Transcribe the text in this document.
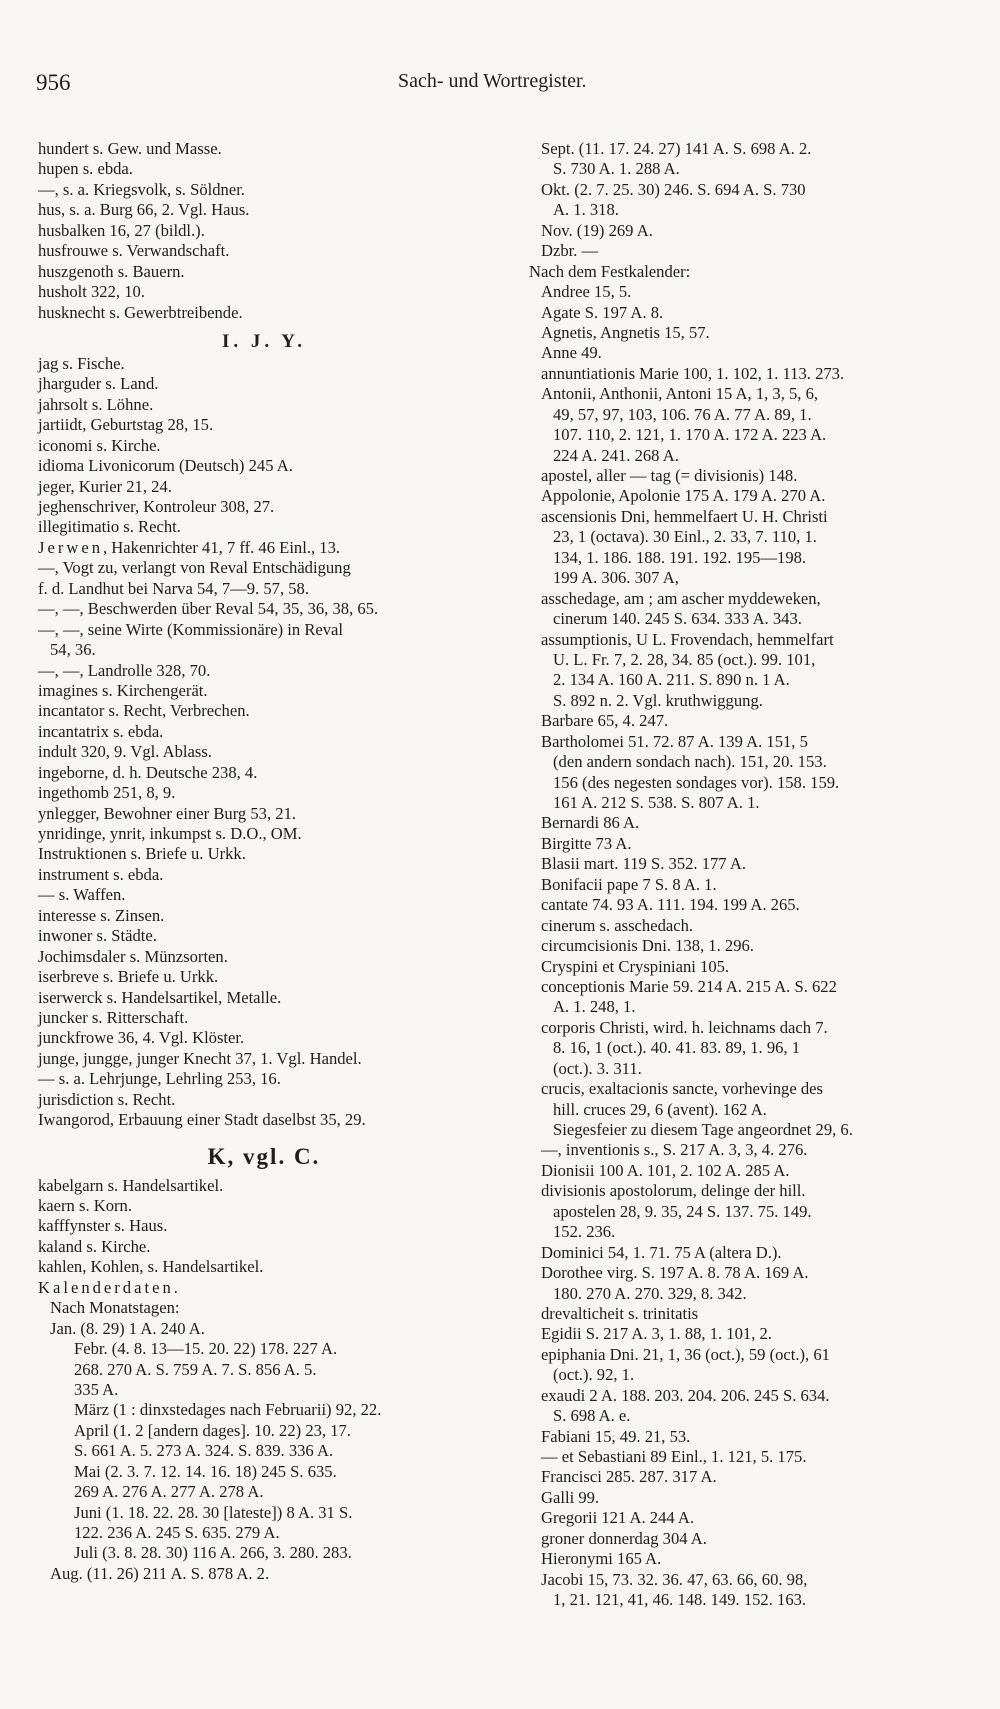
956	Sach- und Wortregister.
hundert s. Gew. und Masse.
hupen s. ebda.
—, s. a. Kriegsvolk, s. Söldner.
hus, s. a. Burg 66, 2. Vgl. Haus.
husbalken 16, 27 (bildl.).
husfrouwe s. Verwandschaft.
huszgenoth s. Bauern.
husholt 322, 10.
husknecht s. Gewerbtreibende.
I. J. Y.
jag s. Fische.
jharguder s. Land.
jahrsolt s. Löhne.
jartiidt, Geburtstag 28, 15.
iconomi s. Kirche.
idioma Livonicorum (Deutsch) 245 A.
jeger, Kurier 21, 24.
jeghenschriver, Kontroleur 308, 27.
illegitimatio s. Recht.
Jerwen, Hakenrichter 41, 7 ff. 46 Einl., 13.
—, Vogt zu, verlangt von Reval Entschädigung
f. d. Landhut bei Narva 54, 7—9. 57, 58.
—, —, Beschwerden über Reval 54, 35, 36, 38, 65.
—, —, seine Wirte (Kommissionäre) in Reval
54, 36.
—, —, Landrolle 328, 70.
imagines s. Kirchengerät.
incantator s. Recht, Verbrechen.
incantatrix s. ebda.
indult 320, 9. Vgl. Ablass.
ingeborne, d. h. Deutsche 238, 4.
ingethomb 251, 8, 9.
ynlegger, Bewohner einer Burg 53, 21.
ynridinge, ynrit, inkumpst s. D.O., OM.
Instruktionen s. Briefe u. Urkk.
instrument s. ebda.
— s. Waffen.
interesse s. Zinsen.
inwoner s. Städte.
Jochimsdaler s. Münzsorten.
iserbreve s. Briefe u. Urkk.
iserwerck s. Handelsartikel, Metalle.
juncker s. Ritterschaft.
junckfrowe 36, 4. Vgl. Klöster.
junge, jungge, junger Knecht 37, 1. Vgl. Handel.
— s. a. Lehrjunge, Lehrling 253, 16.
jurisdiction s. Recht.
Iwangorod, Erbauung einer Stadt daselbst 35, 29.
K, vgl. C.
kabelgarn s. Handelsartikel.
kaern s. Korn.
kafffynster s. Haus.
kaland s. Kirche.
kahlen, Kohlen, s. Handelsartikel.
Kalenderdaten.
Nach Monatstagen:
Jan. (8. 29) 1 A. 240 A.
Febr. (4. 8. 13—15. 20. 22) 178. 227 A.
268. 270 A. S. 759 A. 7. S. 856 A. 5.
335 A.
März (1 : dinxstedages nach Februarii) 92, 22.
April (1. 2 [andern dages]. 10. 22) 23, 17.
S. 661 A. 5. 273 A. 324. S. 839. 336 A.
Mai (2. 3. 7. 12. 14. 16. 18) 245 S. 635.
269 A. 276 A. 277 A. 278 A.
Juni (1. 18. 22. 28. 30 [lateste]) 8 A. 31 S.
122. 236 A. 245 S. 635. 279 A.
Juli (3. 8. 28. 30) 116 A. 266, 3. 280. 283.
Aug. (11. 26) 211 A. S. 878 A. 2.
Sept. (11. 17. 24. 27) 141 A. S. 698 A. 2.
S. 730 A. 1. 288 A.
Okt. (2. 7. 25. 30) 246. S. 694 A. S. 730
A. 1. 318.
Nov. (19) 269 A.
Dzbr. —
Nach dem Festkalender:
Andree 15, 5.
Agate S. 197 A. 8.
Agnetis, Angnetis 15, 57.
Anne 49.
annuntiationis Marie 100, 1. 102, 1. 113. 273.
Antonii, Anthonii, Antoni 15 A, 1, 3, 5, 6,
49, 57, 97, 103, 106. 76 A. 77 A. 89, 1.
107. 110, 2. 121, 1. 170 A. 172 A. 223 A.
224 A. 241. 268 A.
apostel, aller — tag (= divisionis) 148.
Appolonie, Apolonie 175 A. 179 A. 270 A.
ascensionis Dni, hemmelfaert U. H. Christi
23, 1 (octava). 30 Einl., 2. 33, 7. 110, 1.
134, 1. 186. 188. 191. 192. 195—198.
199 A. 306. 307 A,
asschedage, am ; am ascher myddeweken,
cinerum 140. 245 S. 634. 333 A. 343.
assumptionis, U L. Frovendach, hemmelfart
U. L. Fr. 7, 2. 28, 34. 85 (oct.). 99. 101,
2. 134 A. 160 A. 211. S. 890 n. 1 A.
S. 892 n. 2. Vgl. kruthwiggung.
Barbare 65, 4. 247.
Bartholomei 51. 72. 87 A. 139 A. 151, 5
(den andern sondach nach). 151, 20. 153.
156 (des negesten sondages vor). 158. 159.
161 A. 212 S. 538. S. 807 A. 1.
Bernardi 86 A.
Birgitte 73 A.
Blasii mart. 119 S. 352. 177 A.
Bonifacii pape 7 S. 8 A. 1.
cantate 74. 93 A. 111. 194. 199 A. 265.
cinerum s. asschedach.
circumcisionis Dni. 138, 1. 296.
Cryspini et Cryspiniani 105.
conceptionis Marie 59. 214 A. 215 A. S. 622
A. 1. 248, 1.
corporis Christi, wird. h. leichnams dach 7.
8. 16, 1 (oct.). 40. 41. 83. 89, 1. 96, 1
(oct.). 3. 311.
crucis, exaltacionis sancte, vorhevinge des
hill. cruces 29, 6 (avent). 162 A.
Siegesfeier zu diesem Tage angeordnet 29, 6.
—, inventionis s., S. 217 A. 3, 3, 4. 276.
Dionisii 100 A. 101, 2. 102 A. 285 A.
divisionis apostolorum, delinge der hill.
apostelen 28, 9. 35, 24 S. 137. 75. 149.
152. 236.
Dominici 54, 1. 71. 75 A (altera D.).
Dorothee virg. S. 197 A. 8. 78 A. 169 A.
180. 270 A. 270. 329, 8. 342.
drevalticheit s. trinitatis
Egidii S. 217 A. 3, 1. 88, 1. 101, 2.
epiphania Dni. 21, 1, 36 (oct.), 59 (oct.), 61
(oct.). 92, 1.
exaudi 2 A. 188. 203. 204. 206. 245 S. 634.
S. 698 A. e.
Fabiani 15, 49. 21, 53.
— et Sebastiani 89 Einl., 1. 121, 5. 175.
Francisci 285. 287. 317 A.
Galli 99.
Gregorii 121 A. 244 A.
groner donnerdag 304 A.
Hieronymi 165 A.
Jacobi 15, 73. 32. 36. 47, 63. 66, 60. 98,
1, 21. 121, 41, 46. 148. 149. 152. 163.
